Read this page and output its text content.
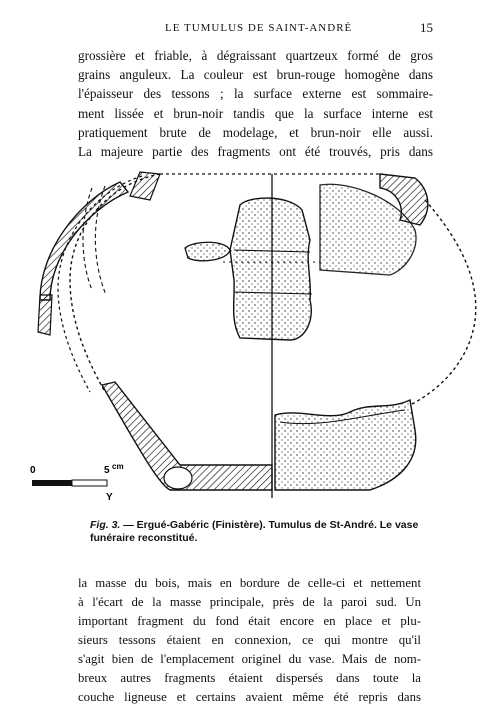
LE TUMULUS DE SAINT-ANDRÉ	15

grossière et friable, à dégraissant quartzeux formé de gros
grains anguleux. La couleur est brun-rouge homogène dans
l'épaisseur des tessons ; la surface externe est sommaire-
ment lissée et brun-noir tandis que la surface interne est
pratiquement brute de modelage, et brun-noir elle aussi.
La majeure partie des fragments ont été trouvés, pris dans

0	5 cm
Y
Fig. 3. — Ergué-Gabéric (Finistère). Tumulus de St-André. Le vase funéraire reconstitué.

la masse du bois, mais en bordure de celle-ci et nettement
à l'écart de la masse principale, près de la paroi sud. Un
important fragment du fond était encore en place et plu-
sieurs tessons étaient en connexion, ce qui montre qu'il
s'agit bien de l'emplacement originel du vase. Mais de nom-
breux autres fragments étaient dispersés dans toute la
couche ligneuse et certains avaient même été repris dans
